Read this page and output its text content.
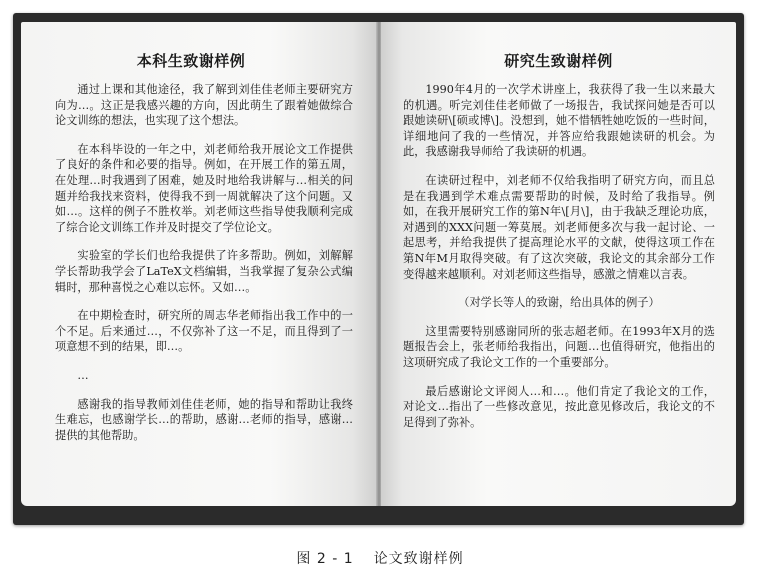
本科生致谢样例

通过上课和其他途径，我了解到刘佳佳老师主要研究方向为…。这正是我感兴趣的方向，因此萌生了跟着她做综合论文训练的想法，也实现了这个想法。

在本科毕设的一年之中，刘老师给我开展论文工作提供了良好的条件和必要的指导。例如，在开展工作的第五周，在处理…时我遇到了困难，她及时地给我讲解与…相关的问题并给我找来资料，使得我不到一周就解决了这个问题。又如…。这样的例子不胜枚举。刘老师这些指导使我顺利完成了综合论文训练工作并及时提交了学位论文。

实验室的学长们也给我提供了许多帮助。例如，刘解解学长帮助我学会了LaTeX文档编辑，当我掌握了复杂公式编辑时，那种喜悦之心难以忘怀。又如…。

在中期检查时，研究所的周志华老师指出我工作中的一个不足。后来通过…，不仅弥补了这一不足，而且得到了一项意想不到的结果，即…。

…

感谢我的指导教师刘佳佳老师，她的指导和帮助让我终生难忘，也感谢学长…的帮助，感谢…老师的指导，感谢…提供的其他帮助。

研究生致谢样例

1990年4月的一次学术讲座上，我获得了我一生以来最大的机遇。听完刘佳佳老师做了一场报告，我试探问她是否可以跟她读研\[硕或博\]。没想到，她不惜牺牲她吃饭的一些时间，详细地问了我的一些情况，并答应给我跟她读研的机会。为此，我感谢我导师给了我读研的机遇。

在读研过程中，刘老师不仅给我指明了研究方向，而且总是在我遇到学术难点需要帮助的时候，及时给了我指导。例如，在我开展研究工作的第N年\[月\]，由于我缺乏理论功底，对遇到的XXX问题一筹莫展。刘老师便多次与我一起讨论、一起思考，并给我提供了提高理论水平的文献，使得这项工作在第N年M月取得突破。有了这次突破，我论文的其余部分工作变得越来越顺利。对刘老师这些指导，感激之情难以言表。

（对学长等人的致谢，给出具体的例子）

这里需要特别感谢同所的张志超老师。在1993年X月的选题报告会上，张老师给我指出，问题…也值得研究，他指出的这项研究成了我论文工作的一个重要部分。

最后感谢论文评阅人…和…。他们肯定了我论文的工作，对论文…指出了一些修改意见，按此意见修改后，我论文的不足得到了弥补。

图 2 - 1 论文致谢样例
